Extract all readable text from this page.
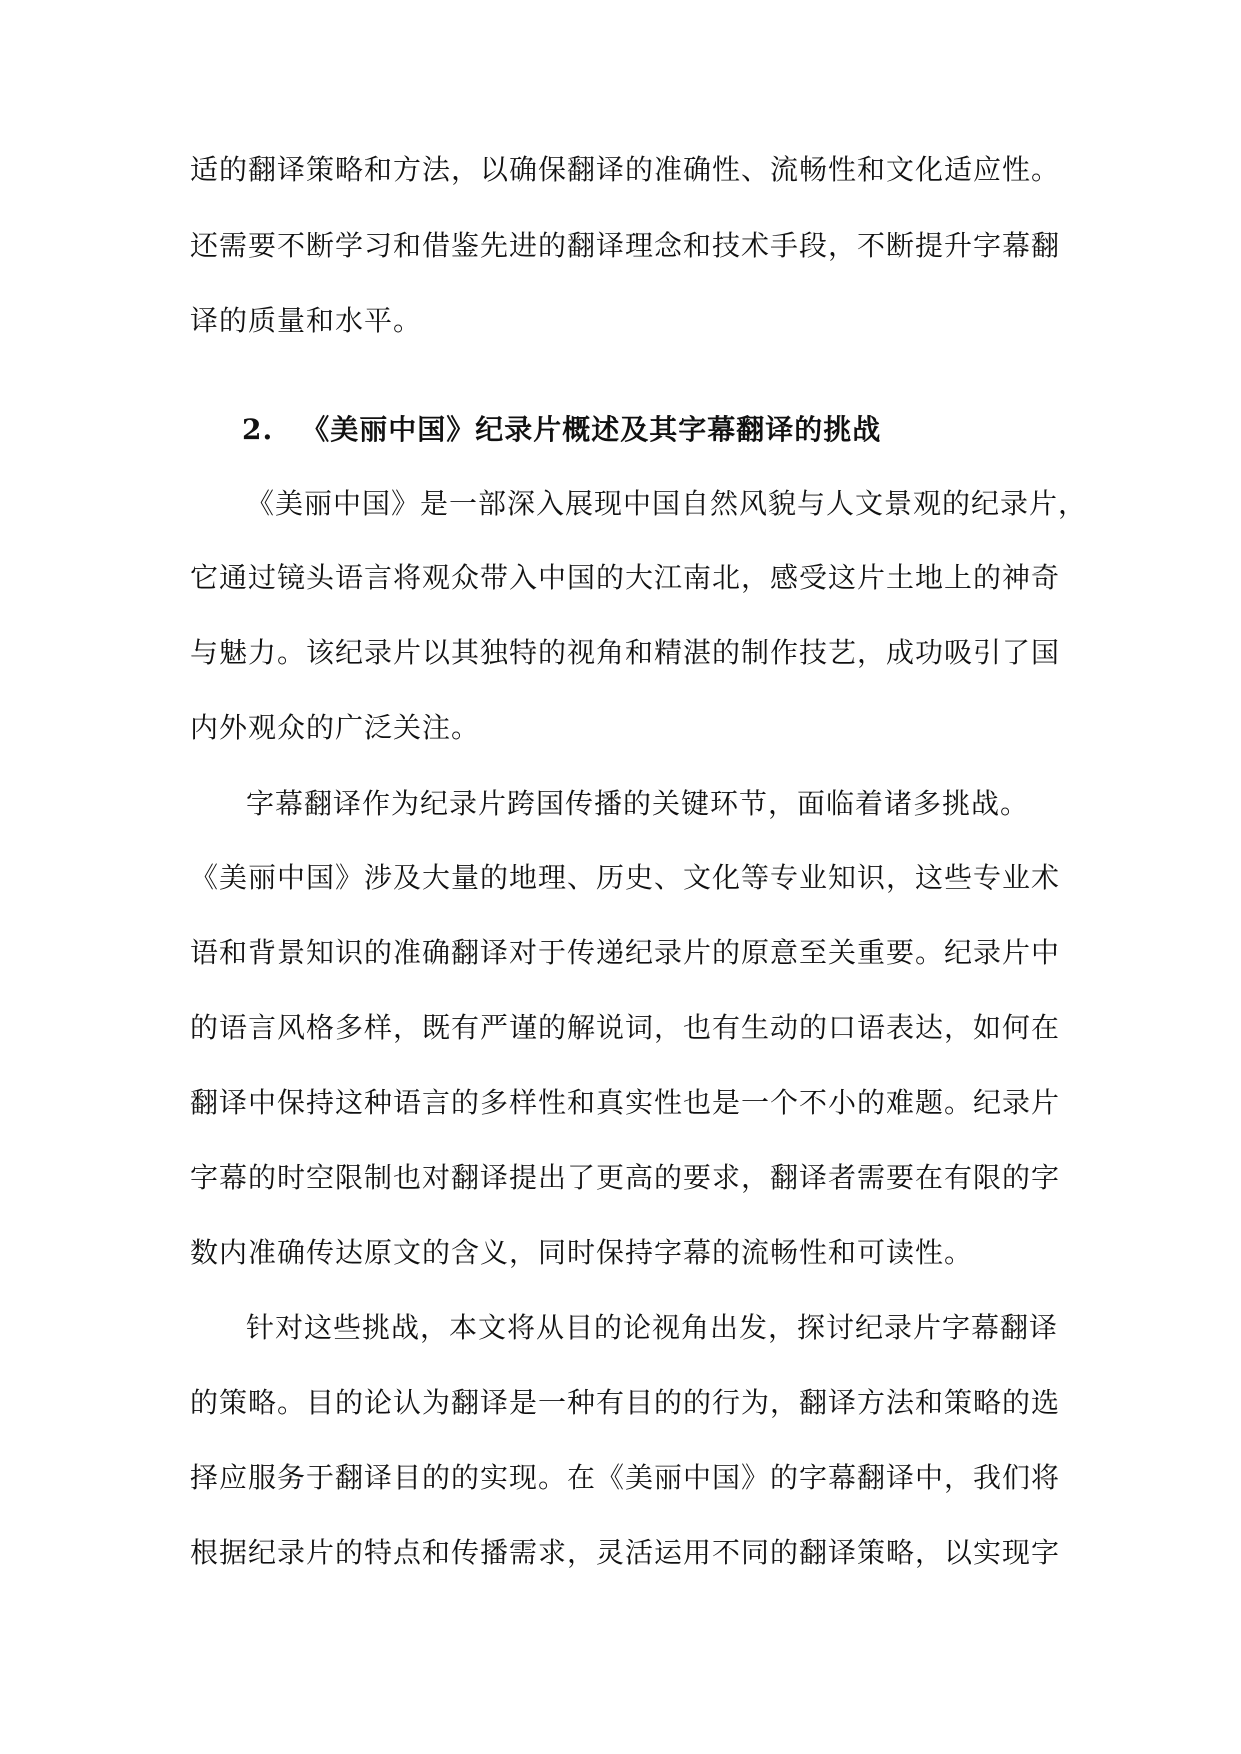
适的翻译策略和方法，以确保翻译的准确性、流畅性和文化适应性。

还需要不断学习和借鉴先进的翻译理念和技术手段，不断提升字幕翻

译的质量和水平。

2. 《美丽中国》纪录片概述及其字幕翻译的挑战

《美丽中国》是一部深入展现中国自然风貌与人文景观的纪录片，

它通过镜头语言将观众带入中国的大江南北，感受这片土地上的神奇

与魅力。该纪录片以其独特的视角和精湛的制作技艺，成功吸引了国

内外观众的广泛关注。

字幕翻译作为纪录片跨国传播的关键环节，面临着诸多挑战。

《美丽中国》涉及大量的地理、历史、文化等专业知识，这些专业术

语和背景知识的准确翻译对于传递纪录片的原意至关重要。纪录片中

的语言风格多样，既有严谨的解说词，也有生动的口语表达，如何在

翻译中保持这种语言的多样性和真实性也是一个不小的难题。纪录片

字幕的时空限制也对翻译提出了更高的要求，翻译者需要在有限的字

数内准确传达原文的含义，同时保持字幕的流畅性和可读性。

针对这些挑战，本文将从目的论视角出发，探讨纪录片字幕翻译

的策略。目的论认为翻译是一种有目的的行为，翻译方法和策略的选

择应服务于翻译目的的实现。在《美丽中国》的字幕翻译中，我们将

根据纪录片的特点和传播需求，灵活运用不同的翻译策略，以实现字
